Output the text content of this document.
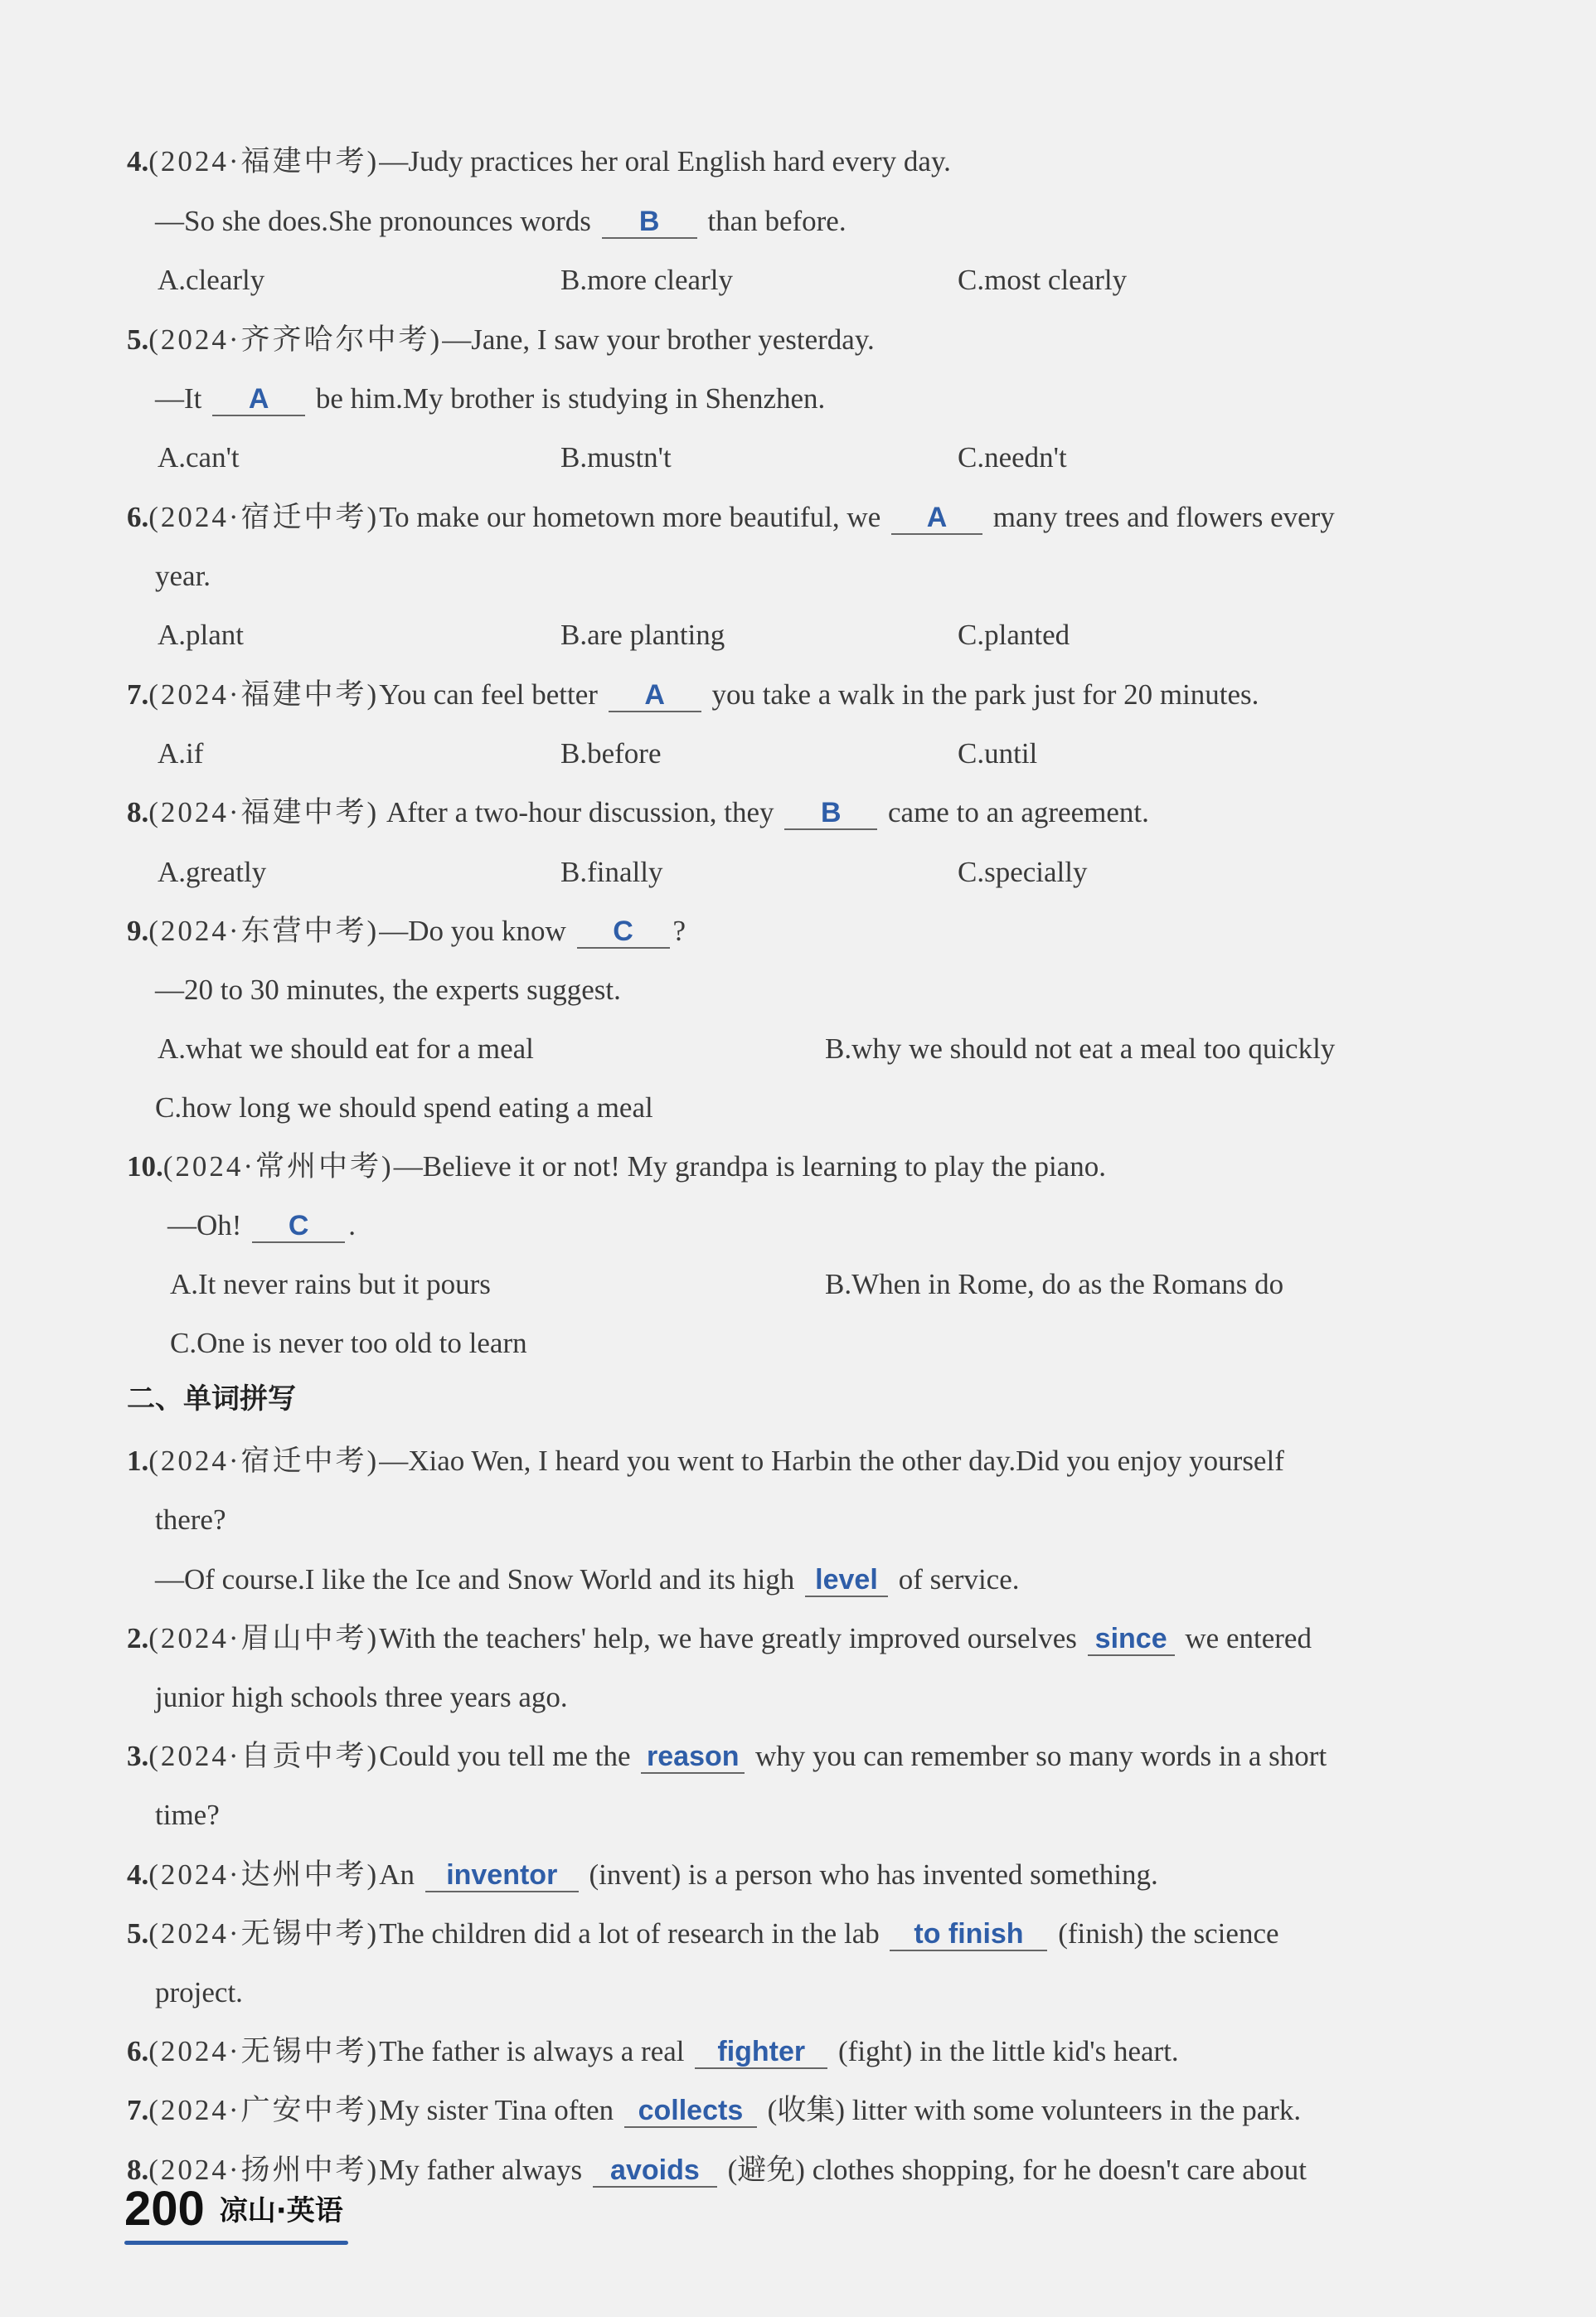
4.(2024·福建中考)—Judy practices her oral English hard every day.
—So she does.She pronounces words B than before.
A.clearly	B.more clearly	C.most clearly
5.(2024·齐齐哈尔中考)—Jane, I saw your brother yesterday.
—It A be him.My brother is studying in Shenzhen.
A.can't	B.mustn't	C.needn't
6.(2024·宿迁中考)To make our hometown more beautiful, we A many trees and flowers every
year.
A.plant	B.are planting	C.planted
7.(2024·福建中考)You can feel better A you take a walk in the park just for 20 minutes.
A.if	B.before	C.until
8.(2024·福建中考) After a two-hour discussion, they B came to an agreement.
A.greatly	B.finally	C.specially
9.(2024·东营中考)—Do you know C ?
—20 to 30 minutes, the experts suggest.
A.what we should eat for a meal	B.why we should not eat a meal too quickly
C.how long we should spend eating a meal
10.(2024·常州中考)—Believe it or not! My grandpa is learning to play the piano.
—Oh! C .
A.It never rains but it pours	B.When in Rome, do as the Romans do
C.One is never too old to learn
二、单词拼写
1.(2024·宿迁中考)—Xiao Wen, I heard you went to Harbin the other day.Did you enjoy yourself
there?
—Of course.I like the Ice and Snow World and its high level of service.
2.(2024·眉山中考)With the teachers' help, we have greatly improved ourselves since we entered
junior high schools three years ago.
3.(2024·自贡中考)Could you tell me the reason why you can remember so many words in a short
time?
4.(2024·达州中考)An inventor (invent) is a person who has invented something.
5.(2024·无锡中考)The children did a lot of research in the lab to finish (finish) the science
project.
6.(2024·无锡中考)The father is always a real fighter (fight) in the little kid's heart.
7.(2024·广安中考)My sister Tina often collects (收集) litter with some volunteers in the park.
8.(2024·扬州中考)My father always avoids (避免) clothes shopping, for he doesn't care about
200 凉山·英语
